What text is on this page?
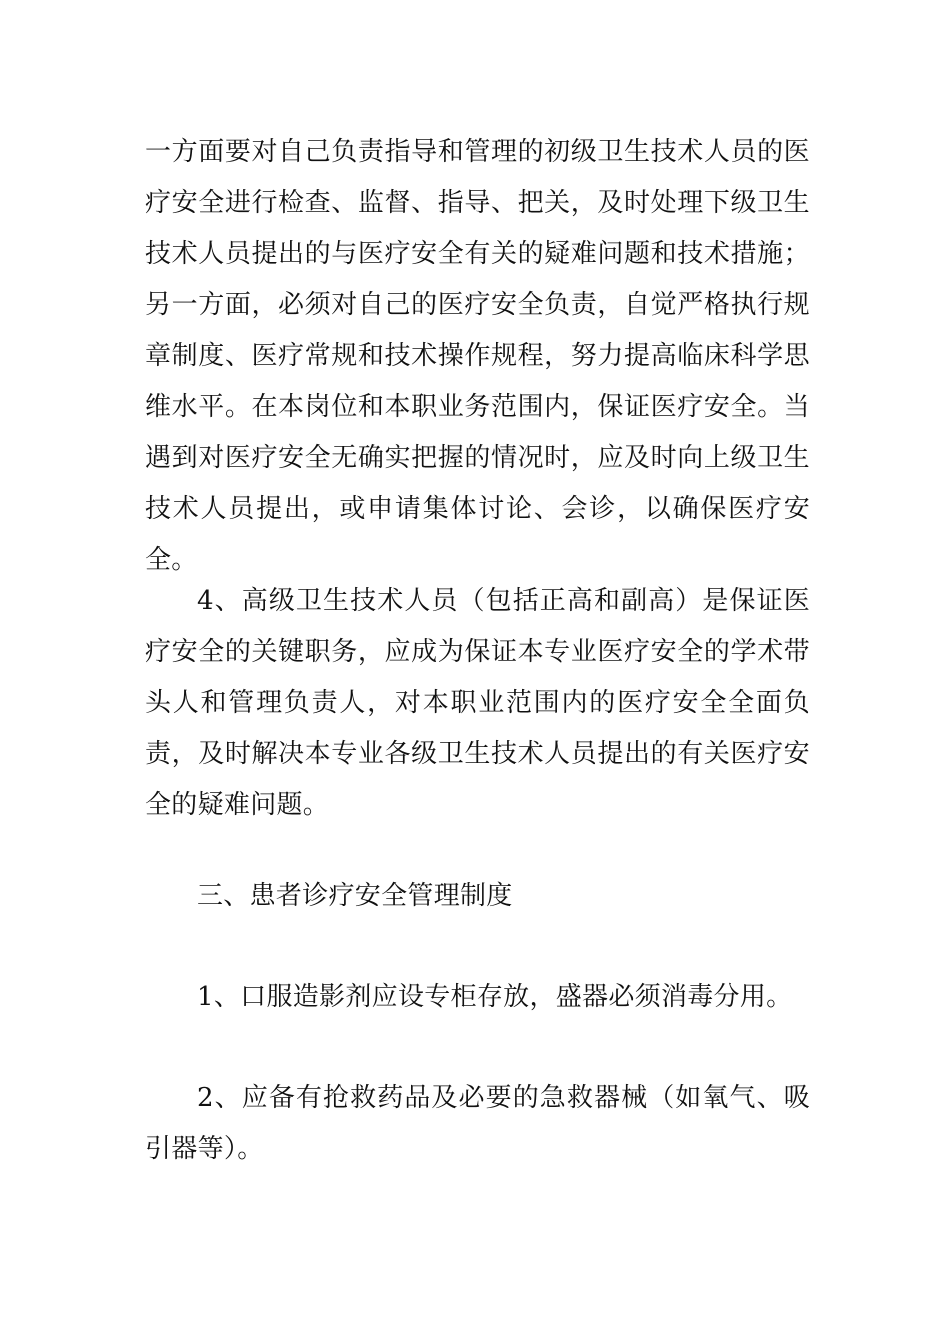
一方面要对自己负责指导和管理的初级卫生技术人员的医疗安全进行检查、监督、指导、把关，及时处理下级卫生技术人员提出的与医疗安全有关的疑难问题和技术措施；另一方面，必须对自己的医疗安全负责，自觉严格执行规章制度、医疗常规和技术操作规程，努力提高临床科学思维水平。在本岗位和本职业务范围内，保证医疗安全。当遇到对医疗安全无确实把握的情况时，应及时向上级卫生技术人员提出，或申请集体讨论、会诊，以确保医疗安全。

4、高级卫生技术人员（包括正高和副高）是保证医疗安全的关键职务，应成为保证本专业医疗安全的学术带头人和管理负责人，对本职业范围内的医疗安全全面负责，及时解决本专业各级卫生技术人员提出的有关医疗安全的疑难问题。

三、患者诊疗安全管理制度

1、口服造影剂应设专柜存放，盛器必须消毒分用。

2、应备有抢救药品及必要的急救器械（如氧气、吸引器等）。
